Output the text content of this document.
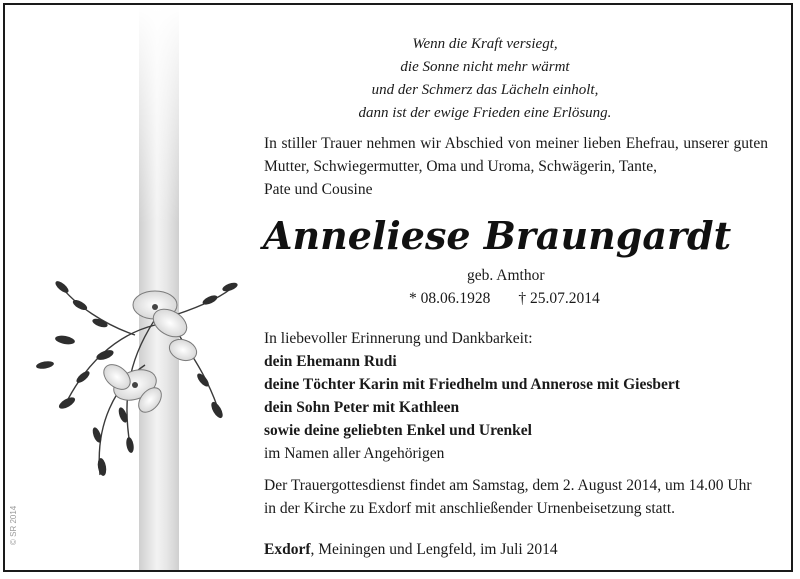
© SR 2014
Wenn die Kraft versiegt,
die Sonne nicht mehr wärmt
und der Schmerz das Lächeln einholt,
dann ist der ewige Frieden eine Erlösung.
In stiller Trauer nehmen wir Abschied von meiner lieben Ehefrau, unserer guten Mutter, Schwiegermutter, Oma und Uroma, Schwägerin, Tante,
Pate und Cousine
Anneliese Braungardt
geb. Amthor
* 08.06.1928 † 25.07.2014
In liebevoller Erinnerung und Dankbarkeit:
dein Ehemann Rudi
deine Töchter Karin mit Friedhelm und Annerose mit Giesbert
dein Sohn Peter mit Kathleen
sowie deine geliebten Enkel und Urenkel
im Namen aller Angehörigen
Der Trauergottesdienst findet am Samstag, dem 2. August 2014, um 14.00 Uhr
in der Kirche zu Exdorf mit anschließender Urnenbeisetzung statt.
Exdorf, Meiningen und Lengfeld, im Juli 2014
